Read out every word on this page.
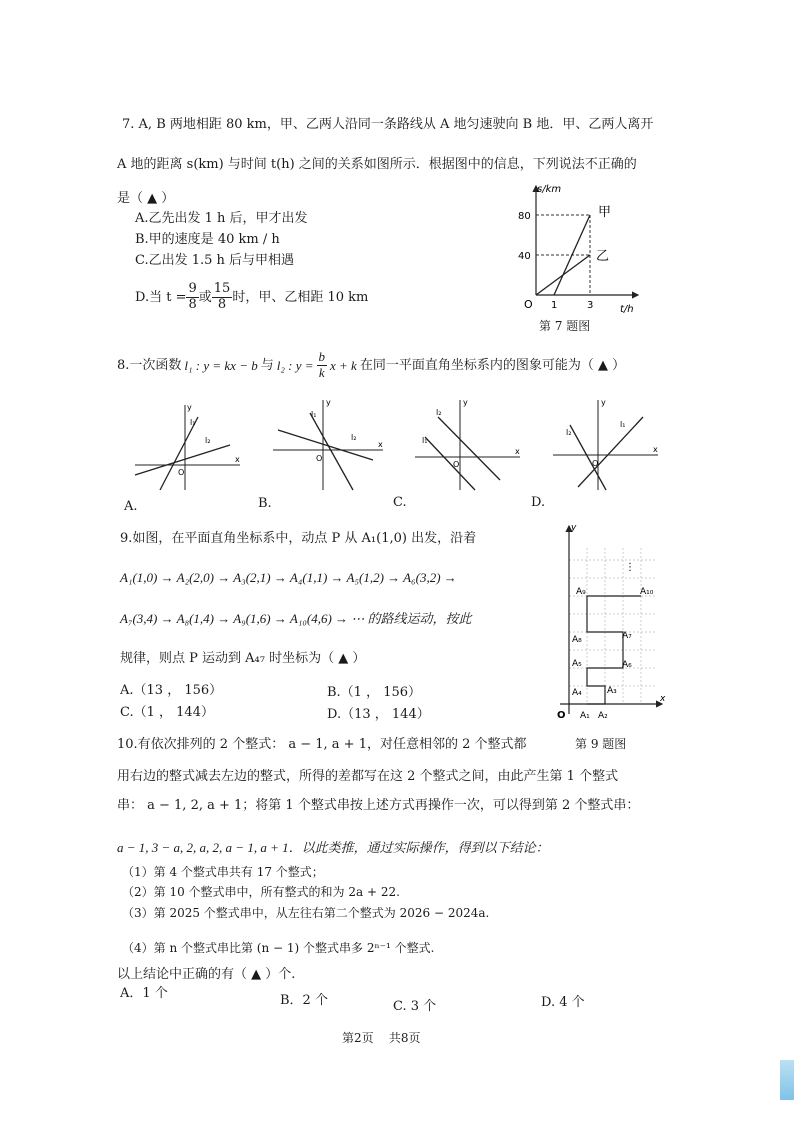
7. A, B 两地相距 80 km，甲、乙两人沿同一条路线从 A 地匀速驶向 B 地．甲、乙两人离开
A 地的距离 s(km) 与时间 t(h) 之间的关系如图所示．根据图中的信息，下列说法不正确的
是（ ▲ ）
A.乙先出发 1 h 后，甲才出发
B.甲的速度是 40 km / h
C.乙出发 1.5 h 后与甲相遇
D.当 $t = \frac{9}{8}$ 或 $\frac{15}{8}$ 时，甲、乙相距 10 km
s/km
t/h
O
80
40
1	3
甲
乙
第 7 题图
8.一次函数 l₁ : y = kx − b 与 l₂ : $y = \frac{b}{k}$ x + k 在同一平面直角坐标系内的图象可能为（ ▲ ）
x
y
O
l₁
l₂	x
y
O
l₁
l₂
x
y
O
l₁
l₂
x
y
O
l₂
l₁
A.	B.	C.	D.
9.如图，在平面直角坐标系中，动点 P 从 A₁(1,0) 出发，沿着
A₁(1,0) → A₂(2,0) → A₃(2,1) → A₄(1,1) → A₅(1,2) → A₆(3,2) →
A₇(3,4) → A₈(1,4) → A₉(1,6) → A₁₀(4,6) → ⋯ 的路线运动，按此
规律，则点 P 运动到 A₄₇ 时坐标为（ ▲ ）
A.（13 ， 156）	B.（1 ， 156）
C.（1 ， 144）	D.（13 ， 144）
⋮
y
x
O A₁ A₂
A₃
A₄
A₅	A₆
A₇
A₈
A₉	A₁₀
10.有依次排列的 2 个整式： a − 1, a + 1，对任意相邻的 2 个整式都	第 9 题图
用右边的整式减去左边的整式，所得的差都写在这 2 个整式之间，由此产生第 1 个整式
串： a − 1, 2, a + 1；将第 1 个整式串按上述方式再操作一次，可以得到第 2 个整式串：
a − 1, 3 − a, 2, a, 2, a − 1, a + 1．以此类推，通过实际操作，得到以下结论：
（1）第 4 个整式串共有 17 个整式；
（2）第 10 个整式串中，所有整式的和为 2a + 22.
（3）第 2025 个整式串中，从左往右第二个整式为 2026 − 2024a.
（4）第 n 个整式串比第 (n − 1) 个整式串多 2ⁿ⁻¹ 个整式.
以上结论中正确的有（ ▲ ）个.
A．1 个	B．2 个	C. 3 个	D. 4 个
第2页    共8页
